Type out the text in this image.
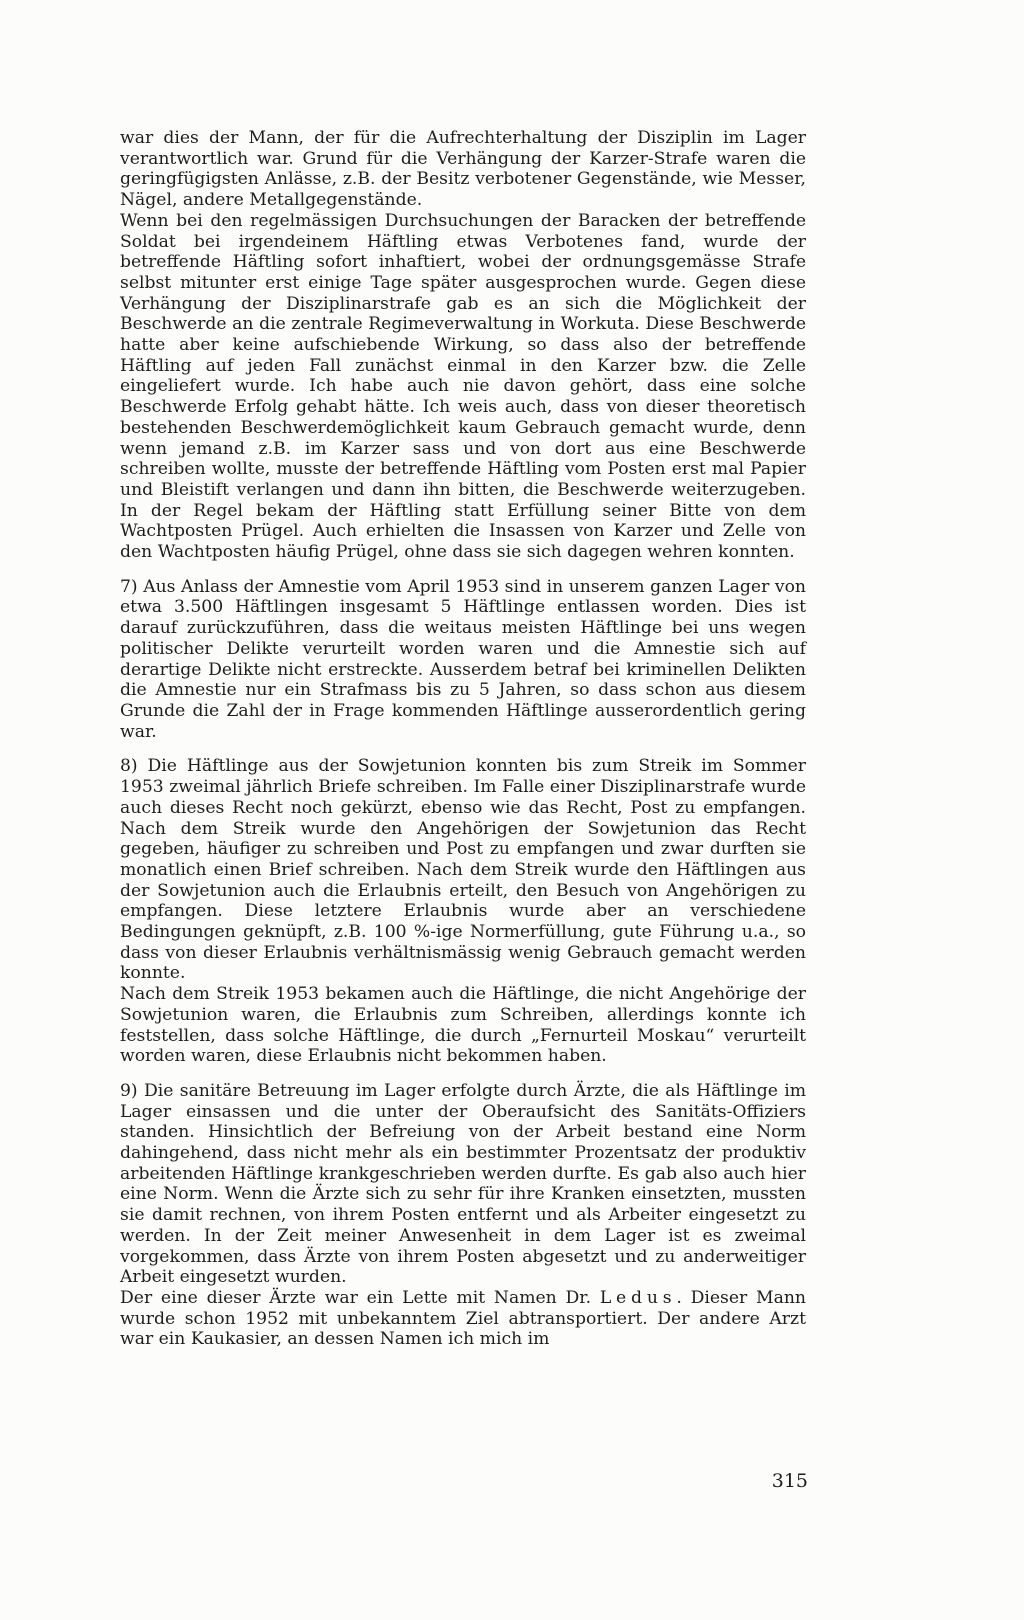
war dies der Mann, der für die Aufrechterhaltung der Disziplin im Lager verantwortlich war. Grund für die Verhängung der Karzer-Strafe waren die geringfügigsten Anlässe, z.B. der Besitz verbotener Gegenstände, wie Messer, Nägel, andere Metallgegenstände.

Wenn bei den regelmässigen Durchsuchungen der Baracken der betreffende Soldat bei irgendeinem Häftling etwas Verbotenes fand, wurde der betreffende Häftling sofort inhaftiert, wobei der ordnungsgemässe Strafe selbst mitunter erst einige Tage später ausgesprochen wurde. Gegen diese Verhängung der Disziplinarstrafe gab es an sich die Möglichkeit der Beschwerde an die zentrale Regimeverwaltung in Workuta. Diese Beschwerde hatte aber keine aufschiebende Wirkung, so dass also der betreffende Häftling auf jeden Fall zunächst einmal in den Karzer bzw. die Zelle eingeliefert wurde. Ich habe auch nie davon gehört, dass eine solche Beschwerde Erfolg gehabt hätte. Ich weis auch, dass von dieser theoretisch bestehenden Beschwerdemöglichkeit kaum Gebrauch gemacht wurde, denn wenn jemand z.B. im Karzer sass und von dort aus eine Beschwerde schreiben wollte, musste der betreffende Häftling vom Posten erst mal Papier und Bleistift verlangen und dann ihn bitten, die Beschwerde weiterzugeben. In der Regel bekam der Häftling statt Erfüllung seiner Bitte von dem Wachtposten Prügel. Auch erhielten die Insassen von Karzer und Zelle von den Wachtposten häufig Prügel, ohne dass sie sich dagegen wehren konnten.

7) Aus Anlass der Amnestie vom April 1953 sind in unserem ganzen Lager von etwa 3.500 Häftlingen insgesamt 5 Häftlinge entlassen worden. Dies ist darauf zurückzuführen, dass die weitaus meisten Häftlinge bei uns wegen politischer Delikte verurteilt worden waren und die Amnestie sich auf derartige Delikte nicht erstreckte. Ausserdem betraf bei kriminellen Delikten die Amnestie nur ein Strafmass bis zu 5 Jahren, so dass schon aus diesem Grunde die Zahl der in Frage kommenden Häftlinge ausserordentlich gering war.

8) Die Häftlinge aus der Sowjetunion konnten bis zum Streik im Sommer 1953 zweimal jährlich Briefe schreiben. Im Falle einer Disziplinarstrafe wurde auch dieses Recht noch gekürzt, ebenso wie das Recht, Post zu empfangen. Nach dem Streik wurde den Angehörigen der Sowjetunion das Recht gegeben, häufiger zu schreiben und Post zu empfangen und zwar durften sie monatlich einen Brief schreiben. Nach dem Streik wurde den Häftlingen aus der Sowjetunion auch die Erlaubnis erteilt, den Besuch von Angehörigen zu empfangen. Diese letztere Erlaubnis wurde aber an verschiedene Bedingungen geknüpft, z.B. 100 %-ige Normerfüllung, gute Führung u.a., so dass von dieser Erlaubnis verhältnismässig wenig Gebrauch gemacht werden konnte.

Nach dem Streik 1953 bekamen auch die Häftlinge, die nicht Angehörige der Sowjetunion waren, die Erlaubnis zum Schreiben, allerdings konnte ich feststellen, dass solche Häftlinge, die durch „Fernurteil Moskau“ verurteilt worden waren, diese Erlaubnis nicht bekommen haben.

9) Die sanitäre Betreuung im Lager erfolgte durch Ärzte, die als Häftlinge im Lager einsassen und die unter der Oberaufsicht des Sanitäts-Offiziers standen. Hinsichtlich der Befreiung von der Arbeit bestand eine Norm dahingehend, dass nicht mehr als ein bestimmter Prozentsatz der produktiv arbeitenden Häftlinge krankgeschrieben werden durfte. Es gab also auch hier eine Norm. Wenn die Ärzte sich zu sehr für ihre Kranken einsetzten, mussten sie damit rechnen, von ihrem Posten entfernt und als Arbeiter eingesetzt zu werden. In der Zeit meiner Anwesenheit in dem Lager ist es zweimal vorgekommen, dass Ärzte von ihrem Posten abgesetzt und zu anderweitiger Arbeit eingesetzt wurden.

Der eine dieser Ärzte war ein Lette mit Namen Dr. Ledus. Dieser Mann wurde schon 1952 mit unbekanntem Ziel abtransportiert. Der andere Arzt war ein Kaukasier, an dessen Namen ich mich im

315
